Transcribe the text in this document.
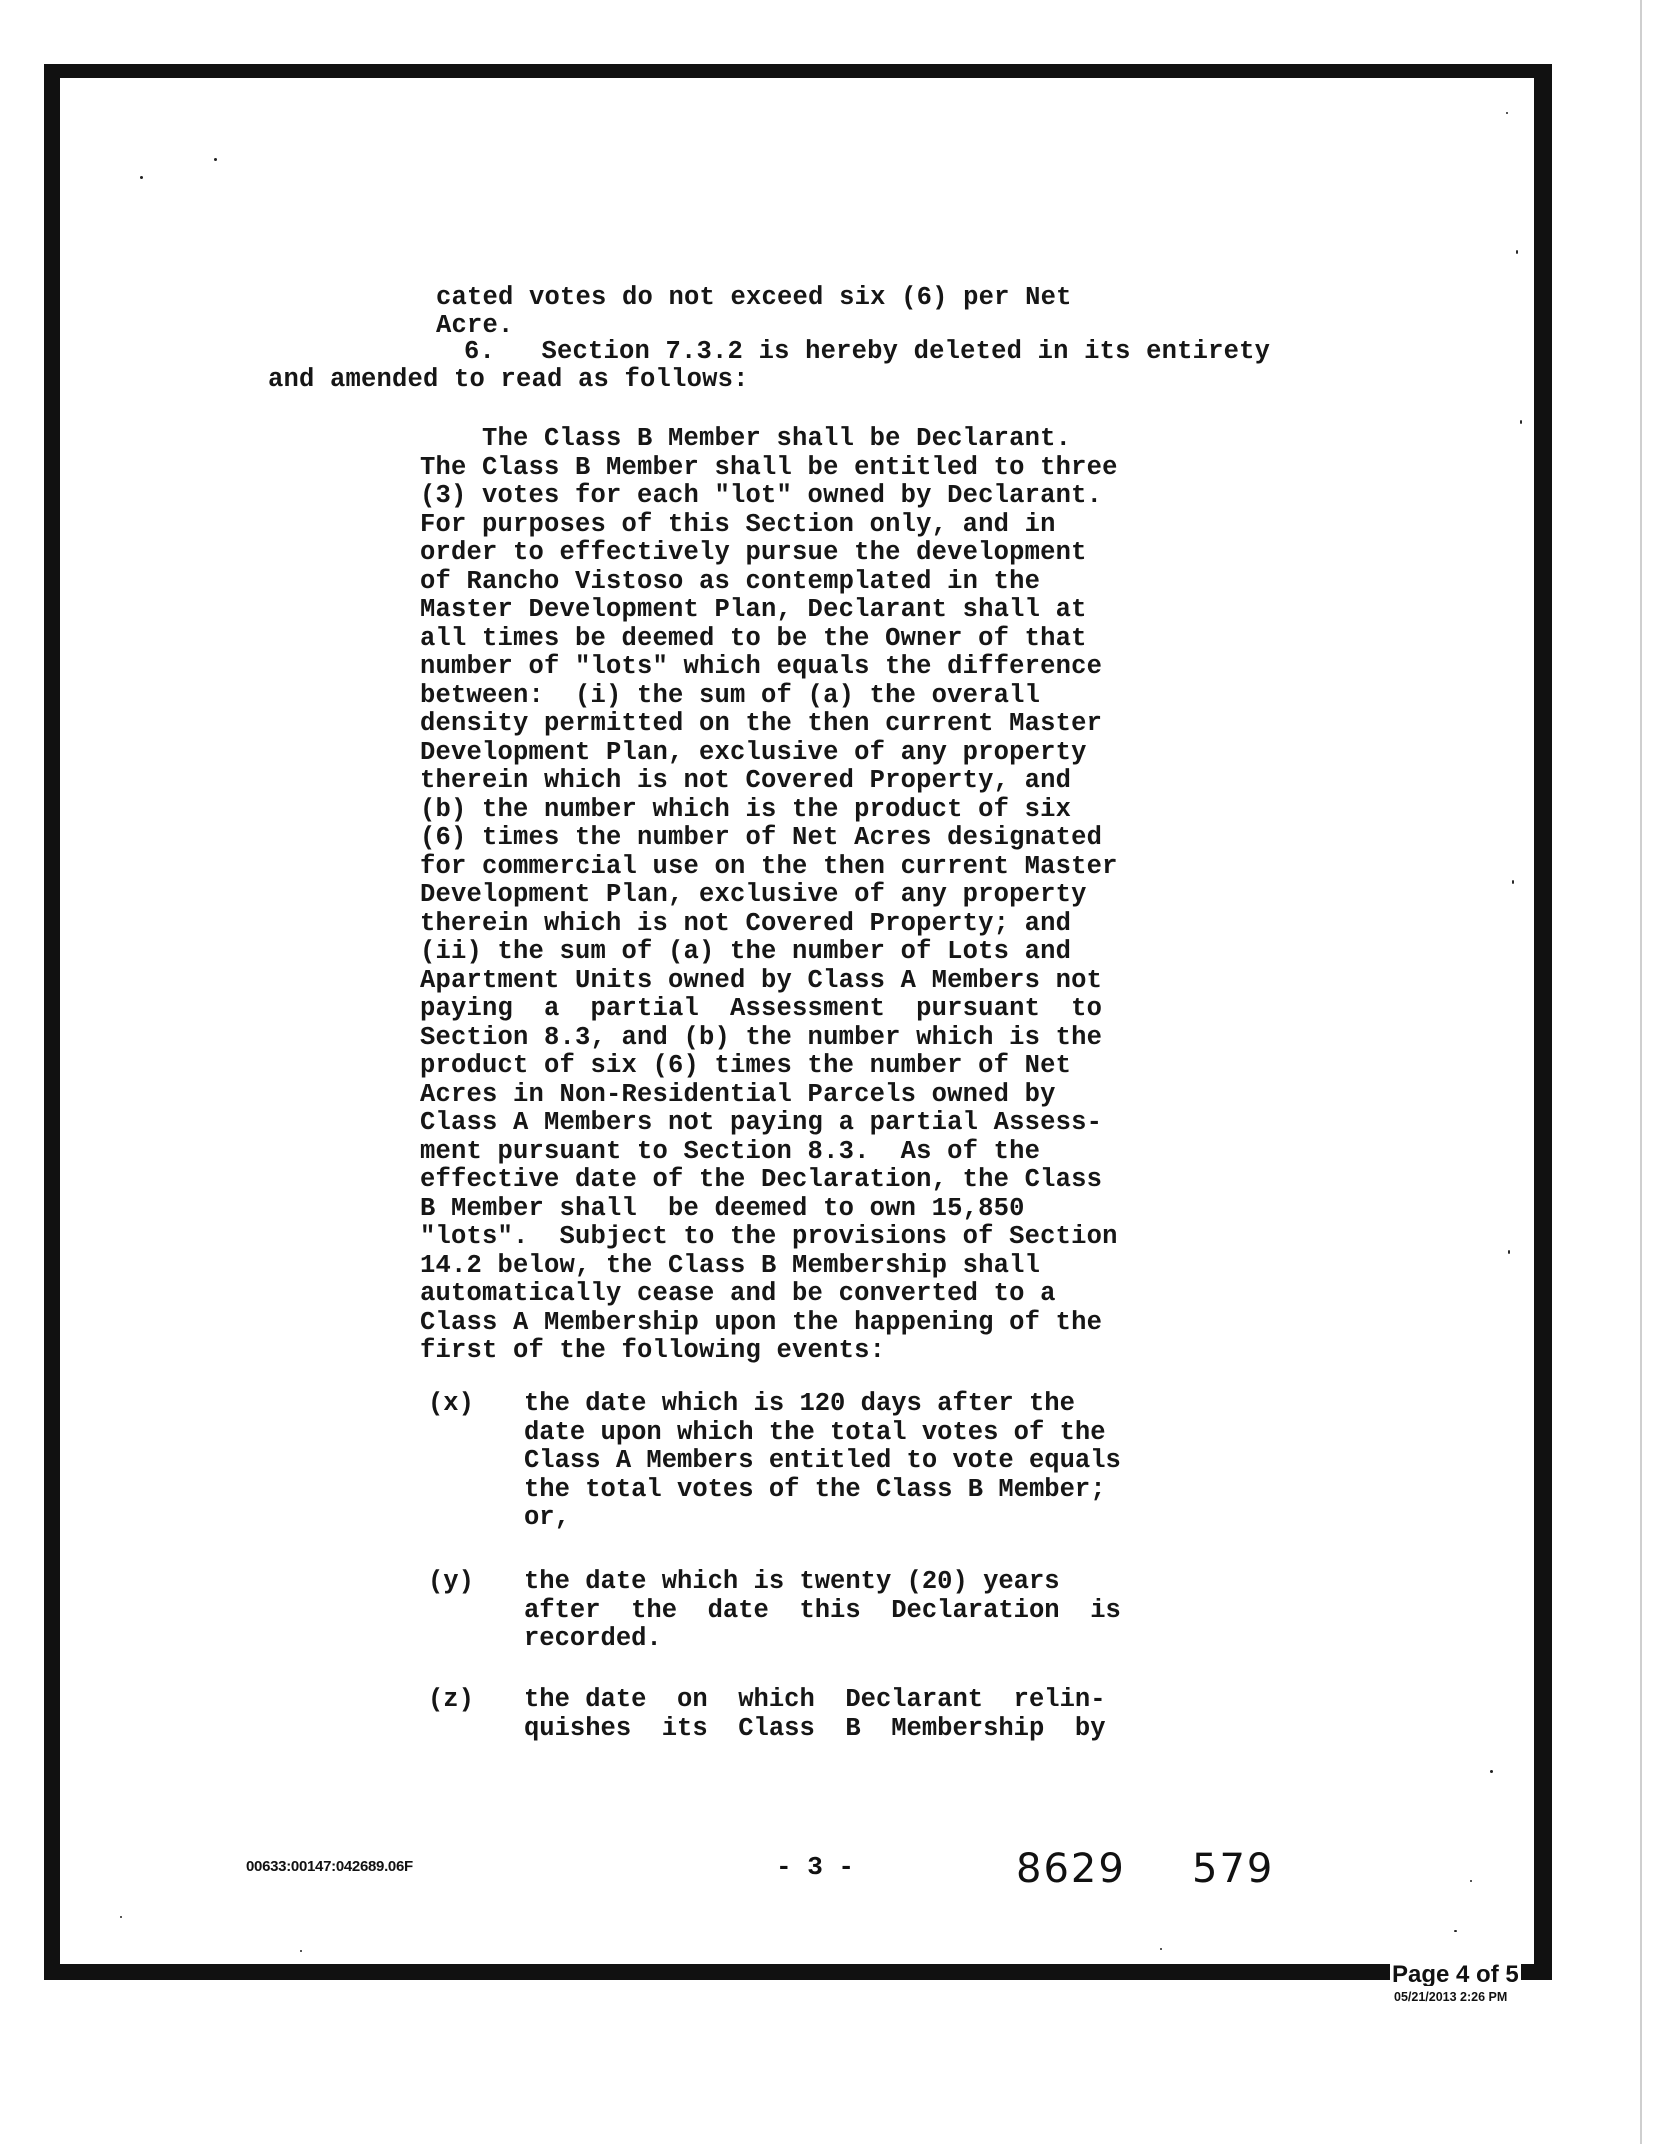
cated votes do not exceed six (6) per Net
Acre.

6. Section 7.3.2 is hereby deleted in its entirety
and amended to read as follows:
The Class B Member shall be Declarant.
The Class B Member shall be entitled to three
(3) votes for each "lot" owned by Declarant.
For purposes of this Section only, and in
order to effectively pursue the development
of Rancho Vistoso as contemplated in the
Master Development Plan, Declarant shall at
all times be deemed to be the Owner of that
number of "lots" which equals the difference
between:  (i) the sum of (a) the overall
density permitted on the then current Master
Development Plan, exclusive of any property
therein which is not Covered Property, and
(b) the number which is the product of six
(6) times the number of Net Acres designated
for commercial use on the then current Master
Development Plan, exclusive of any property
therein which is not Covered Property; and
(ii) the sum of (a) the number of Lots and
Apartment Units owned by Class A Members not
paying  a  partial  Assessment  pursuant  to
Section 8.3, and (b) the number which is the
product of six (6) times the number of Net
Acres in Non-Residential Parcels owned by
Class A Members not paying a partial Assess-
ment pursuant to Section 8.3.  As of the
effective date of the Declaration, the Class
B Member shall  be deemed to own 15,850
"lots".  Subject to the provisions of Section
14.2 below, the Class B Membership shall
automatically cease and be converted to a
Class A Membership upon the happening of the
first of the following events:
(x) the date which is 120 days after the
date upon which the total votes of the
Class A Members entitled to vote equals
the total votes of the Class B Member;
or,
(y) the date which is twenty (20) years
after  the  date  this  Declaration  is
recorded.
(z) the date  on  which  Declarant  relin-
quishes  its  Class  B  Membership  by
00633:00147:042689.06F	- 3 -	8629 579
Page 4 of 5
05/21/2013 2:26 PM
